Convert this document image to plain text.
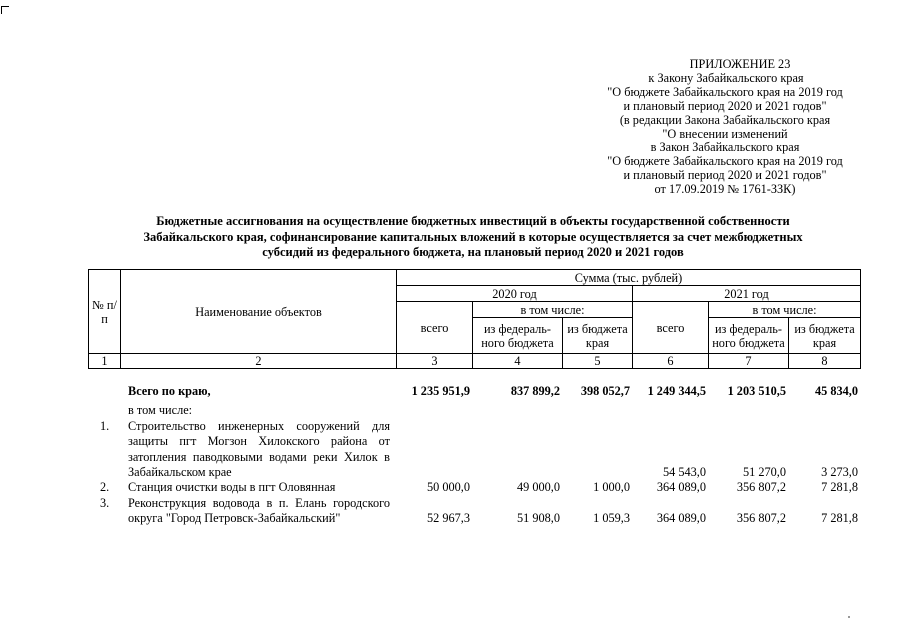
ПРИЛОЖЕНИЕ 23
к Закону Забайкальского края
"О бюджете Забайкальского края на 2019 год
и плановый период 2020 и 2021 годов"
(в редакции Закона Забайкальского края
"О внесении изменений
в Закон Забайкальского края
"О бюджете Забайкальского края на 2019 год
и плановый период 2020 и 2021 годов"
от 17.09.2019 № 1761-ЗЗК)
Бюджетные ассигнования на осуществление бюджетных инвестиций в объекты государственной собственности
Забайкальского края, софинансирование капитальных вложений в которые осуществляется за счет межбюджетных
субсидий из федерального бюджета, на плановый период 2020 и 2021 годов
№ п/п	Наименование объектов	Сумма (тыс. рублей)					
		2020 год			2021 год		
		всего	в том числе:		всего	в том числе:	
			из федераль-ного бюджета	из бюджета края		из федераль-ного бюджета	из бюджета края
1	2	3	4	5	6	7	8
	Всего по краю,	1 235 951,9	837 899,2	398 052,7	1 249 344,5	1 203 510,5	45 834,0
	в том числе:						
1.	Строительство инженерных сооружений для защиты пгт Могзон Хилокского района от затопления паводковыми водами реки Хилок в Забайкальском крае				54 543,0	51 270,0	3 273,0
2.	Станция очистки воды в пгт Оловянная	50 000,0	49 000,0	1 000,0	364 089,0	356 807,2	7 281,8
3.	Реконструкция водовода в п. Елань городского округа "Город Петровск-Забайкальский"	52 967,3	51 908,0	1 059,3	364 089,0	356 807,2	7 281,8
